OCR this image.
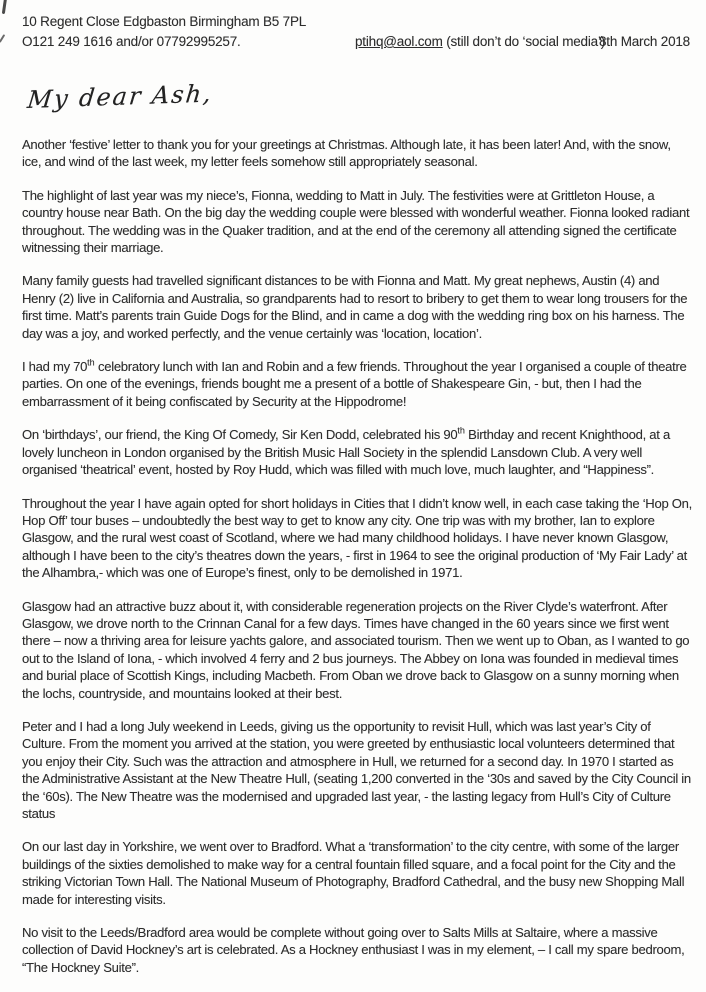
10 Regent Close Edgbaston Birmingham B5 7PL
O121 249 1616 and/or 07792995257.	ptihq@aol.com (still don’t do ‘social media’)
8th March 2018
My dear Ash,

Another ‘festive’ letter to thank you for your greetings at Christmas. Although late, it has been later! And, with the snow, ice, and wind of the last week, my letter feels somehow still appropriately seasonal.

The highlight of last year was my niece’s, Fionna, wedding to Matt in July. The festivities were at Grittleton House, a country house near Bath. On the big day the wedding couple were blessed with wonderful weather. Fionna looked radiant throughout. The wedding was in the Quaker tradition, and at the end of the ceremony all attending signed the certificate witnessing their marriage.

Many family guests had travelled significant distances to be with Fionna and Matt. My great nephews, Austin (4) and Henry (2) live in California and Australia, so grandparents had to resort to bribery to get them to wear long trousers for the first time. Matt’s parents train Guide Dogs for the Blind, and in came a dog with the wedding ring box on his harness. The day was a joy, and worked perfectly, and the venue certainly was ‘location, location’.

I had my 70th celebratory lunch with Ian and Robin and a few friends. Throughout the year I organised a couple of theatre parties. On one of the evenings, friends bought me a present of a bottle of Shakespeare Gin, - but, then I had the embarrassment of it being confiscated by Security at the Hippodrome!

On ‘birthdays’, our friend, the King Of Comedy, Sir Ken Dodd, celebrated his 90th Birthday and recent Knighthood, at a lovely luncheon in London organised by the British Music Hall Society in the splendid Lansdown Club. A very well organised ‘theatrical’ event, hosted by Roy Hudd, which was filled with much love, much laughter, and “Happiness”.

Throughout the year I have again opted for short holidays in Cities that I didn’t know well, in each case taking the ‘Hop On, Hop Off’ tour buses – undoubtedly the best way to get to know any city. One trip was with my brother, Ian to explore Glasgow, and the rural west coast of Scotland, where we had many childhood holidays. I have never known Glasgow, although I have been to the city’s theatres down the years, - first in 1964 to see the original production of ‘My Fair Lady’ at the Alhambra,- which was one of Europe’s finest, only to be demolished in 1971.

Glasgow had an attractive buzz about it, with considerable regeneration projects on the River Clyde’s waterfront. After Glasgow, we drove north to the Crinnan Canal for a few days. Times have changed in the 60 years since we first went there – now a thriving area for leisure yachts galore, and associated tourism. Then we went up to Oban, as I wanted to go out to the Island of Iona, - which involved 4 ferry and 2 bus journeys. The Abbey on Iona was founded in medieval times and burial place of Scottish Kings, including Macbeth. From Oban we drove back to Glasgow on a sunny morning when the lochs, countryside, and mountains looked at their best.

Peter and I had a long July weekend in Leeds, giving us the opportunity to revisit Hull, which was last year’s City of Culture. From the moment you arrived at the station, you were greeted by enthusiastic local volunteers determined that you enjoy their City. Such was the attraction and atmosphere in Hull, we returned for a second day. In 1970 I started as the Administrative Assistant at the New Theatre Hull, (seating 1,200 converted in the ‘30s and saved by the City Council in the ‘60s). The New Theatre was the modernised and upgraded last year, - the lasting legacy from Hull’s City of Culture status

On our last day in Yorkshire, we went over to Bradford. What a ‘transformation’ to the city centre, with some of the larger buildings of the sixties demolished to make way for a central fountain filled square, and a focal point for the City and the striking Victorian Town Hall. The National Museum of Photography, Bradford Cathedral, and the busy new Shopping Mall made for interesting visits.

No visit to the Leeds/Bradford area would be complete without going over to Salts Mills at Saltaire, where a massive collection of David Hockney’s art is celebrated. As a Hockney enthusiast I was in my element, – I call my spare bedroom, “The Hockney Suite”.
